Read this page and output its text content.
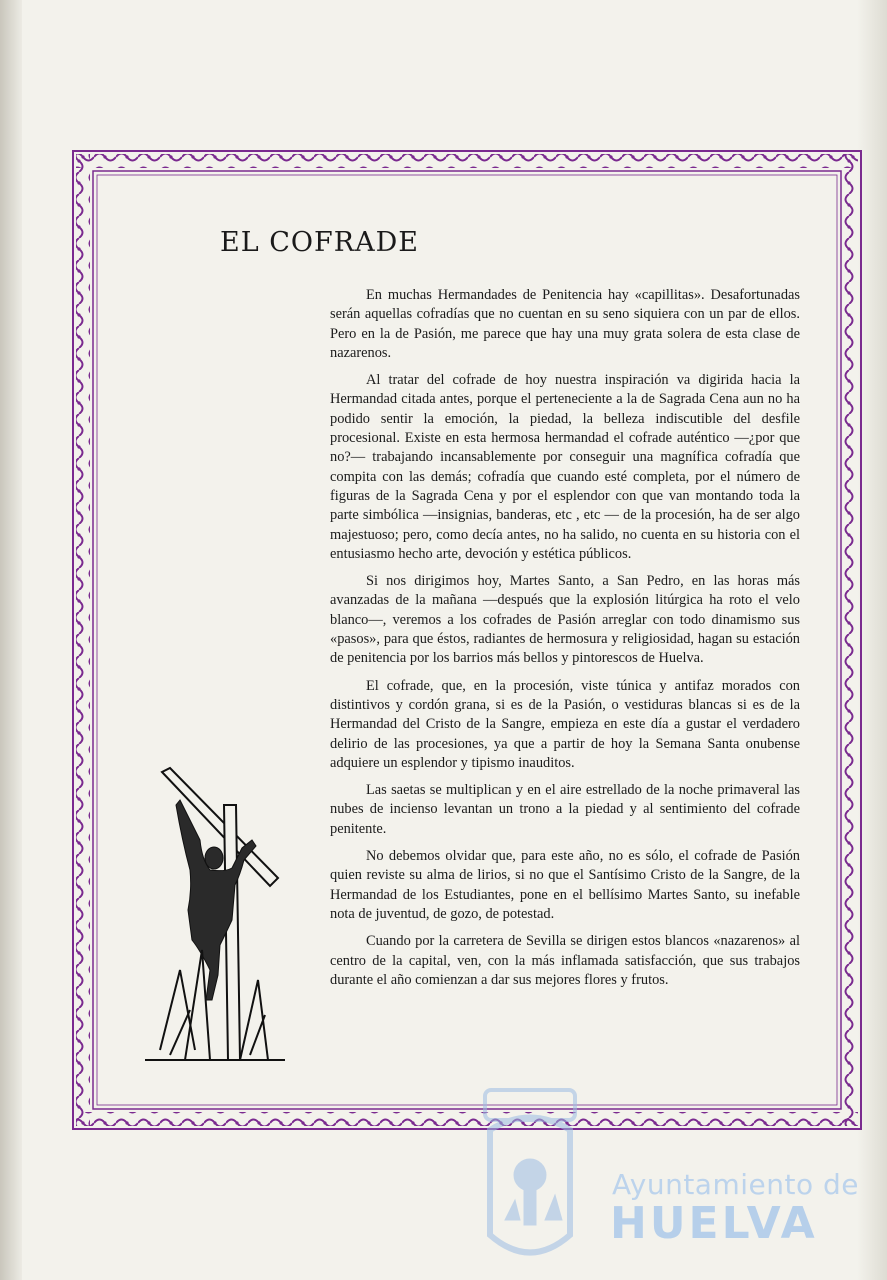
EL COFRADE

En muchas Hermandades de Penitencia hay «capillitas». Desafortunadas serán aquellas cofradías que no cuentan en su seno siquiera con un par de ellos. Pero en la de Pasión, me parece que hay una muy grata solera de esta clase de nazarenos.

Al tratar del cofrade de hoy nuestra inspiración va digirida hacia la Hermandad citada antes, porque el perteneciente a la de Sagrada Cena aun no ha podido sentir la emoción, la piedad, la belleza indiscutible del desfile procesional. Existe en esta hermosa hermandad el cofrade auténtico —¿por que no?— trabajando incansablemente por conseguir una magnífica cofradía que compita con las demás; cofradía que cuando esté completa, por el número de figuras de la Sagrada Cena y por el esplendor con que van montando toda la parte simbólica —insignias, banderas, etc , etc — de la procesión, ha de ser algo majestuoso; pero, como decía antes, no ha salido, no cuenta en su historia con el entusiasmo hecho arte, devoción y estética públicos.

Si nos dirigimos hoy, Martes Santo, a San Pedro, en las horas más avanzadas de la mañana —después que la explosión litúrgica ha roto el velo blanco—, veremos a los cofrades de Pasión arreglar con todo dinamismo sus «pasos», para que éstos, radiantes de hermosura y religiosidad, hagan su estación de penitencia por los barrios más bellos y pintorescos de Huelva.

El cofrade, que, en la procesión, viste túnica y antifaz morados con distintivos y cordón grana, si es de la Pasión, o vestiduras blancas si es de la Hermandad del Cristo de la Sangre, empieza en este día a gustar el verdadero delirio de las procesiones, ya que a partir de hoy la Semana Santa onubense adquiere un esplendor y tipismo inauditos.

Las saetas se multiplican y en el aire estrellado de la noche primaveral las nubes de incienso levantan un trono a la piedad y al sentimiento del cofrade penitente.

No debemos olvidar que, para este año, no es sólo, el cofrade de Pasión quien reviste su alma de lirios, si no que el Santísimo Cristo de la Sangre, de la Hermandad de los Estudiantes, pone en el bellísimo Martes Santo, su inefable nota de juventud, de gozo, de potestad.

Cuando por la carretera de Sevilla se dirigen estos blancos «nazarenos» al centro de la capital, ven, con la más inflamada satisfacción, que sus trabajos durante el año comienzan a dar sus mejores flores y frutos.

Ayuntamiento de
HUELVA
